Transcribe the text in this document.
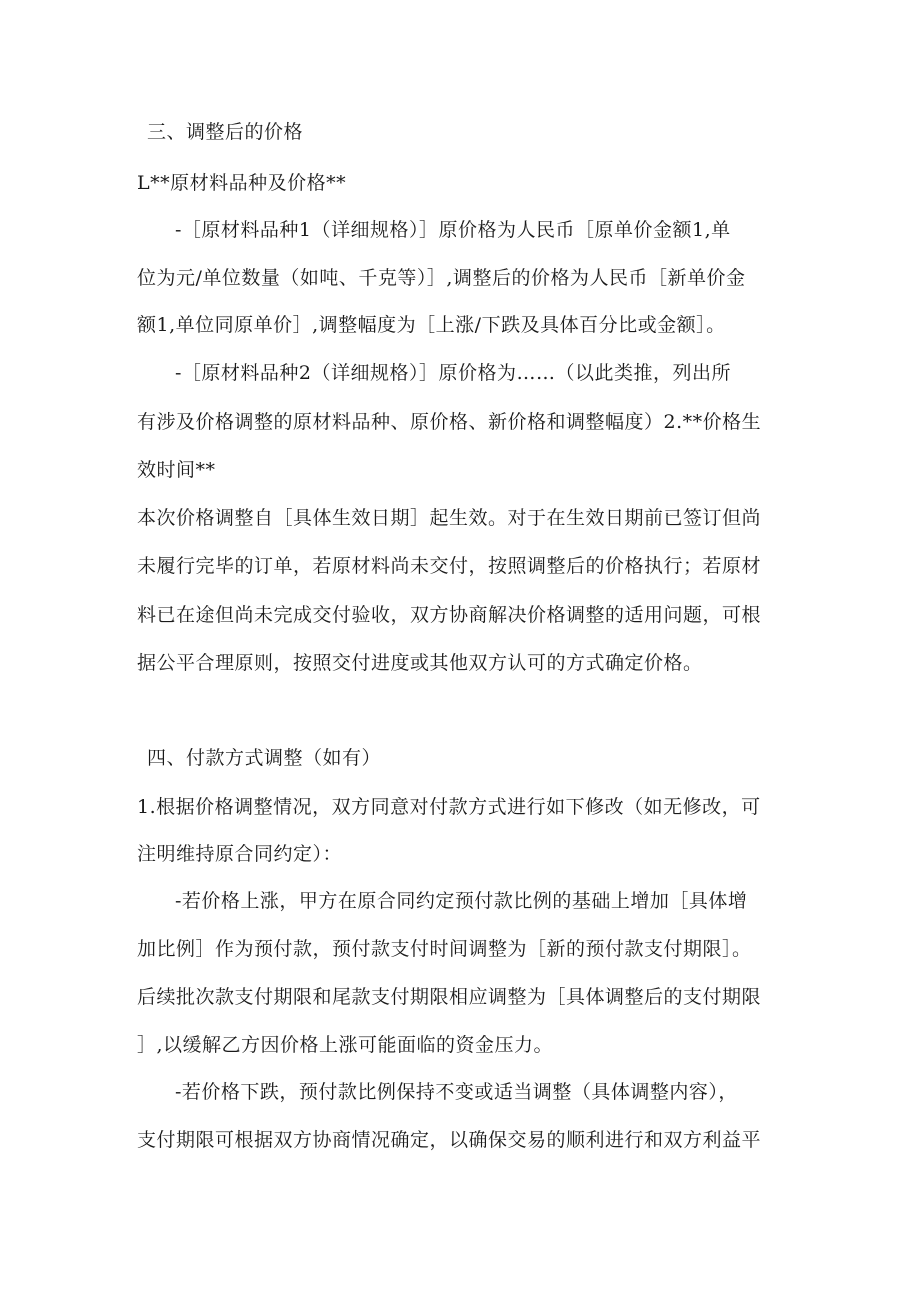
三、调整后的价格
L**原材料品种及价格**
-［原材料品种1（详细规格）］原价格为人民币［原单价金额1,单
位为元/单位数量（如吨、千克等）］,调整后的价格为人民币［新单价金
额1,单位同原单价］,调整幅度为［上涨/下跌及具体百分比或金额］。
-［原材料品种2（详细规格）］原价格为……（以此类推，列出所
有涉及价格调整的原材料品种、原价格、新价格和调整幅度）2.**价格生
效时间**
本次价格调整自［具体生效日期］起生效。对于在生效日期前已签订但尚
未履行完毕的订单，若原材料尚未交付，按照调整后的价格执行；若原材
料已在途但尚未完成交付验收，双方协商解决价格调整的适用问题，可根
据公平合理原则，按照交付进度或其他双方认可的方式确定价格。
四、付款方式调整（如有）
1.根据价格调整情况，双方同意对付款方式进行如下修改（如无修改，可
注明维持原合同约定）：
-若价格上涨，甲方在原合同约定预付款比例的基础上增加［具体增
加比例］作为预付款，预付款支付时间调整为［新的预付款支付期限］。
后续批次款支付期限和尾款支付期限相应调整为［具体调整后的支付期限
］,以缓解乙方因价格上涨可能面临的资金压力。
-若价格下跌，预付款比例保持不变或适当调整（具体调整内容），
支付期限可根据双方协商情况确定，以确保交易的顺利进行和双方利益平
